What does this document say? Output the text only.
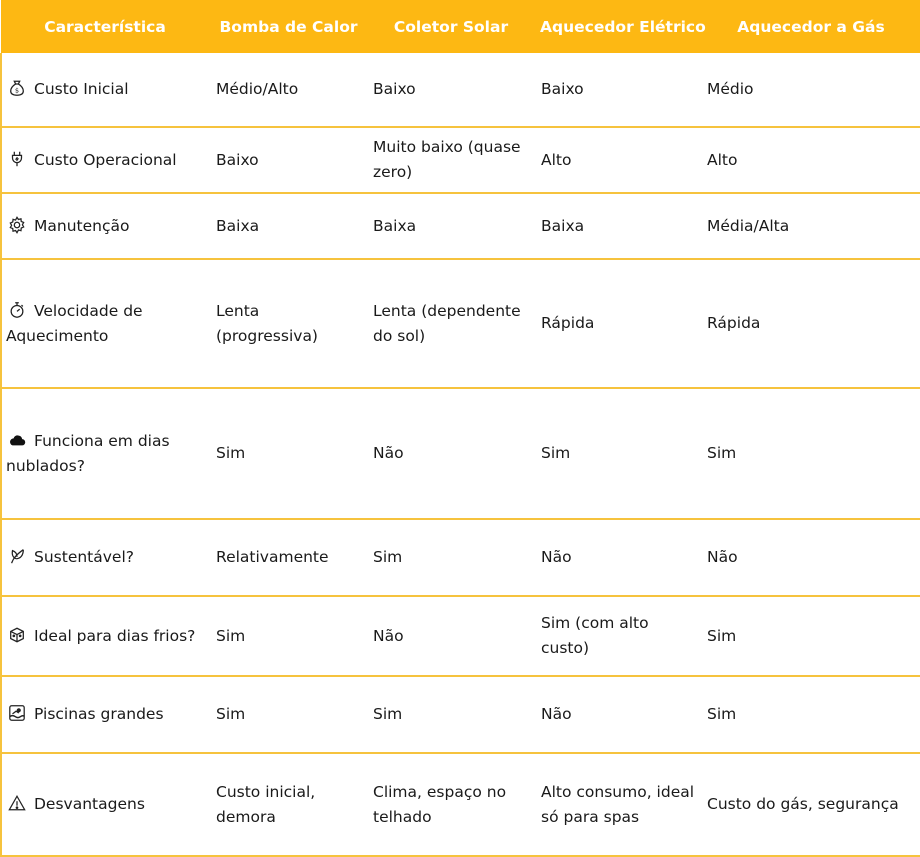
Característica	Bomba de Calor	Coletor Solar	Aquecedor Elétrico	Aquecedor a Gás

$ Custo Inicial	Médio/Alto	Baixo	Baixo	Médio

Custo Operacional	Baixo	Muito baixo (quase zero)	Alto	Alto

Manutenção	Baixa	Baixa	Baixa	Média/Alta

Velocidade de Aquecimento	Lenta (progressiva)	Lenta (dependente do sol)	Rápida	Rápida

Funciona em dias nublados?	Sim	Não	Sim	Sim

Sustentável?	Relativamente	Sim	Não	Não

Ideal para dias frios?	Sim	Não	Sim (com alto custo)	Sim

Piscinas grandes	Sim	Sim	Não	Sim

Desvantagens	Custo inicial, demora	Clima, espaço no telhado	Alto consumo, ideal só para spas	Custo do gás, segurança
